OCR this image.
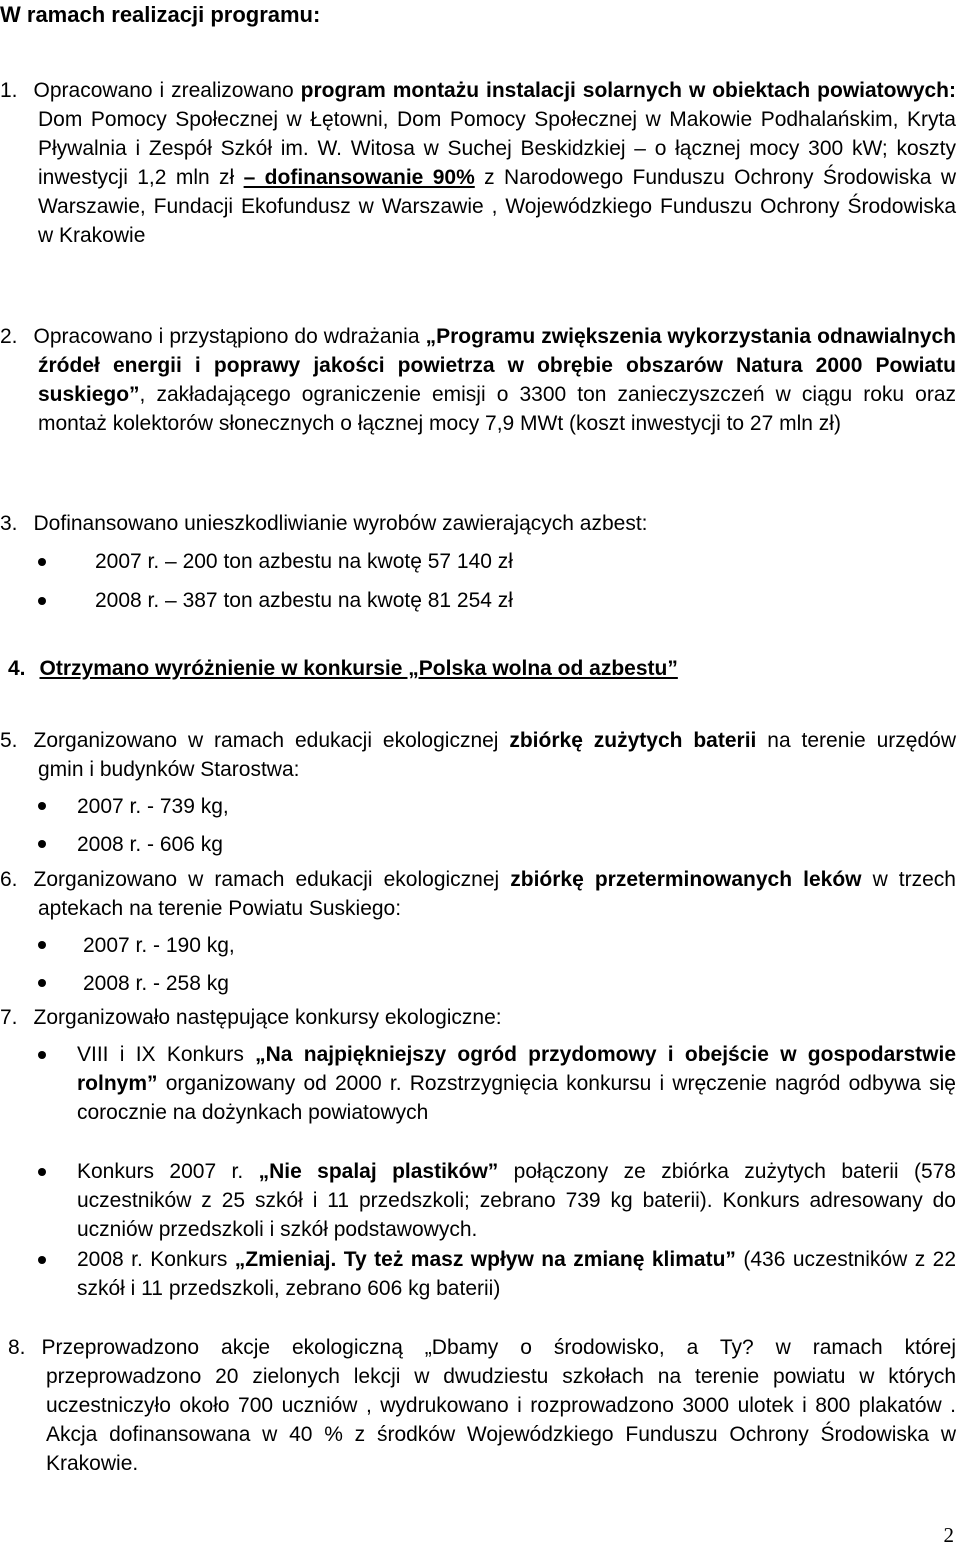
W ramach realizacji programu:

1. Opracowano i zrealizowano program montażu instalacji solarnych w obiektach powiatowych: Dom Pomocy Społecznej w Łętowni, Dom Pomocy Społecznej w Makowie Podhalańskim, Kryta Pływalnia i Zespół Szkół im. W. Witosa w Suchej Beskidzkiej – o łącznej mocy 300 kW; koszty inwestycji 1,2 mln zł – dofinansowanie 90% z Narodowego Funduszu Ochrony Środowiska w Warszawie, Fundacji Ekofundusz w Warszawie , Wojewódzkiego Funduszu Ochrony Środowiska w Krakowie

2. Opracowano i przystąpiono do wdrażania „Programu zwiększenia wykorzystania odnawialnych źródeł energii i poprawy jakości powietrza w obrębie obszarów Natura 2000 Powiatu suskiego”, zakładającego ograniczenie emisji o 3300 ton zanieczyszczeń w ciągu roku oraz montaż kolektorów słonecznych o łącznej mocy 7,9 MWt (koszt inwestycji to 27 mln zł)

3. Dofinansowano unieszkodliwianie wyrobów zawierających azbest:

2007 r. – 200 ton azbestu na kwotę 57 140 zł
2008 r. – 387 ton azbestu na kwotę 81 254 zł

4. Otrzymano wyróżnienie w konkursie „Polska wolna od azbestu”

5. Zorganizowano w ramach edukacji ekologicznej zbiórkę zużytych baterii na terenie urzędów gmin i budynków Starostwa:

2007 r. - 739 kg,
2008 r. - 606 kg

6. Zorganizowano w ramach edukacji ekologicznej zbiórkę przeterminowanych leków w trzech aptekach na terenie Powiatu Suskiego:

2007 r. - 190 kg,
2008 r. - 258 kg

7. Zorganizowało następujące konkursy ekologiczne:

VIII i IX Konkurs „Na najpiękniejszy ogród przydomowy i obejście w gospodarstwie rolnym” organizowany od 2000 r. Rozstrzygnięcia konkursu i wręczenie nagród odbywa się corocznie na dożynkach powiatowych
Konkurs 2007 r. „Nie spalaj plastików” połączony ze zbiórka zużytych baterii (578 uczestników z 25 szkół i 11 przedszkoli; zebrano 739 kg baterii). Konkurs adresowany do uczniów przedszkoli i szkół podstawowych.
2008 r. Konkurs „Zmieniaj. Ty też masz wpływ na zmianę klimatu” (436 uczestników z 22 szkół i 11 przedszkoli, zebrano 606 kg baterii)

8. Przeprowadzono akcje ekologiczną „Dbamy o środowisko, a Ty? w ramach której przeprowadzono 20 zielonych lekcji w dwudziestu szkołach na terenie powiatu w których uczestniczyło około 700 uczniów , wydrukowano i rozprowadzono 3000 ulotek i 800 plakatów . Akcja dofinansowana w 40 % z środków Wojewódzkiego Funduszu Ochrony Środowiska w Krakowie.

2
